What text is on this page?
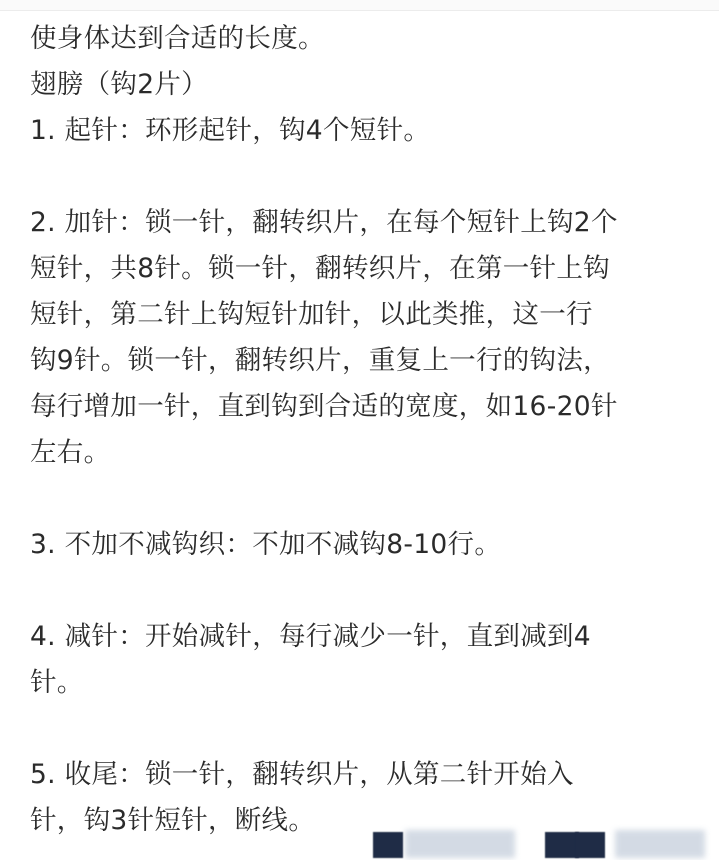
使身体达到合适的长度。
翅膀（钩2片）
1. 起针：环形起针，钩4个短针。
2. 加针：锁一针，翻转织片，在每个短针上钩2个
短针，共8针。锁一针，翻转织片，在第一针上钩
短针，第二针上钩短针加针，以此类推，这一行
钩9针。锁一针，翻转织片，重复上一行的钩法，
每行增加一针，直到钩到合适的宽度，如16-20针
左右。
3. 不加不减钩织：不加不减钩8-10行。
4. 减针：开始减针，每行减少一针，直到减到4
针。
5. 收尾：锁一针，翻转织片，从第二针开始入
针，钩3针短针，断线。
